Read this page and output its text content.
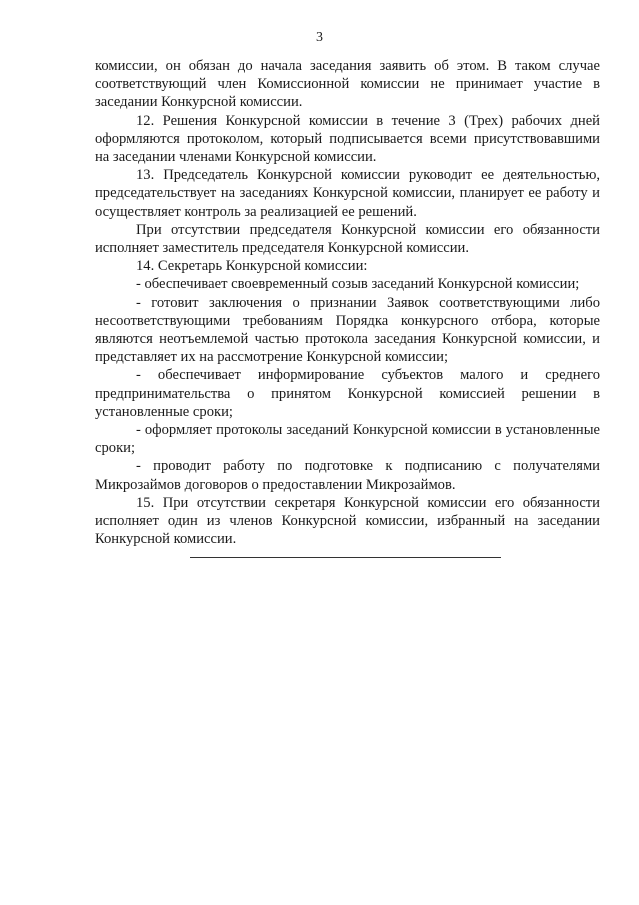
3

комиссии, он обязан до начала заседания заявить об этом. В таком случае соответствующий член Комиссионной комиссии не принимает участие в заседании Конкурсной комиссии.

12. Решения Конкурсной комиссии в течение 3 (Трех) рабочих дней оформляются протоколом, который подписывается всеми присутствовавшими на заседании членами Конкурсной комиссии.

13. Председатель Конкурсной комиссии руководит ее деятельностью, председательствует на заседаниях Конкурсной комиссии, планирует ее работу и осуществляет контроль за реализацией ее решений.

При отсутствии председателя Конкурсной комиссии его обязанности исполняет заместитель председателя Конкурсной комиссии.

14. Секретарь Конкурсной комиссии:

- обеспечивает своевременный созыв заседаний Конкурсной комиссии;

- готовит заключения о признании Заявок соответствующими либо несоответствующими требованиям Порядка конкурсного отбора, которые являются неотъемлемой частью протокола заседания Конкурсной комиссии, и представляет их на рассмотрение Конкурсной комиссии;

- обеспечивает информирование субъектов малого и среднего предпринимательства о принятом Конкурсной комиссией решении в установленные сроки;

- оформляет протоколы заседаний Конкурсной комиссии в установленные сроки;

- проводит работу по подготовке к подписанию с получателями Микрозаймов договоров о предоставлении Микрозаймов.

15. При отсутствии секретаря Конкурсной комиссии его обязанности исполняет один из членов Конкурсной комиссии, избранный на заседании Конкурсной комиссии.
